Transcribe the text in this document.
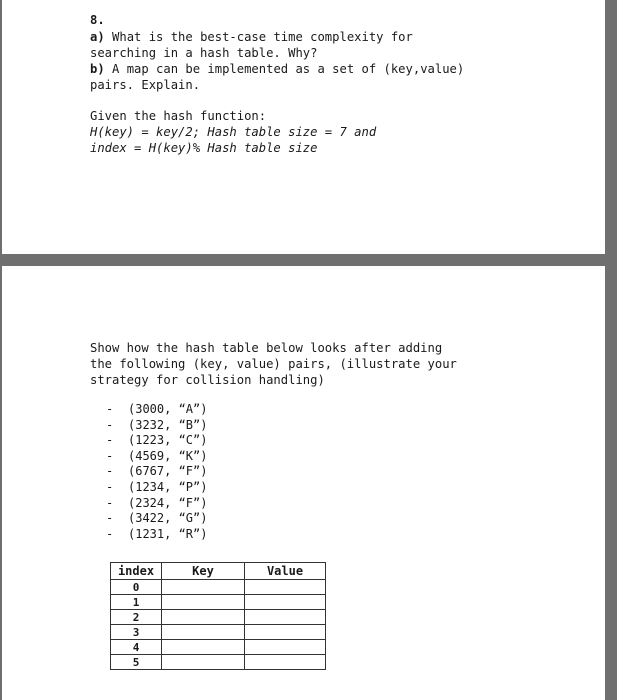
8.
a) What is the best-case time complexity for
searching in a hash table. Why?
b) A map can be implemented as a set of (key,value)
pairs. Explain.
Given the hash function:
H(key) = key/2; Hash table size = 7 and
index = H(key)% Hash table size
Show how the hash table below looks after adding
the following (key, value) pairs, (illustrate your
strategy for collision handling)
- (3000, “A”)
- (3232, “B”)
- (1223, “C”)
- (4569, “K”)
- (6767, “F”)
- (1234, “P”)
- (2324, “F”)
- (3422, “G”)
- (1231, “R”)
index	Key	Value
0		
1		
2		
3		
4		
5		
